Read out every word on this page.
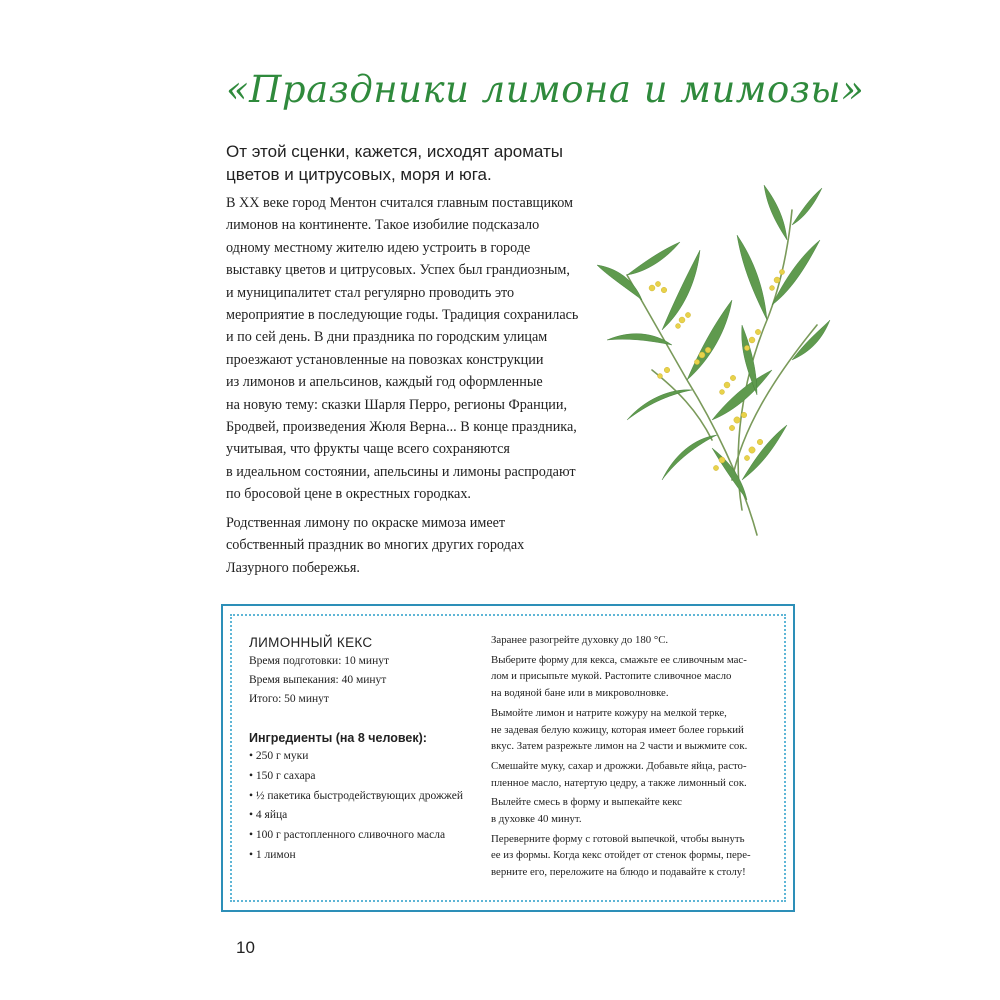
«Праздники лимона и мимозы»
От этой сценки, кажется, исходят ароматы
цветов и цитрусовых, моря и юга.
В XX веке город Ментон считался главным поставщиком
лимонов на континенте. Такое изобилие подсказало
одному местному жителю идею устроить в городе
выставку цветов и цитрусовых. Успех был грандиозным,
и муниципалитет стал регулярно проводить это
мероприятие в последующие годы. Традиция сохранилась
и по сей день. В дни праздника по городским улицам
проезжают установленные на повозках конструкции
из лимонов и апельсинов, каждый год оформленные
на новую тему: сказки Шарля Перро, регионы Франции,
Бродвей, произведения Жюля Верна... В конце праздника,
учитывая, что фрукты чаще всего сохраняются
в идеальном состоянии, апельсины и лимоны распродают
по бросовой цене в окрестных городках.
Родственная лимону по окраске мимоза имеет
собственный праздник во многих других городах
Лазурного побережья.
ЛИМОННЫЙ КЕКС
Время подготовки: 10 минут
Время выпекания: 40 минут
Итого: 50 минут
Ингредиенты (на 8 человек):
• 250 г муки
• 150 г сахара
• ½ пакетика быстродействующих дрожжей
• 4 яйца
• 100 г растопленного сливочного масла
• 1 лимон

Заранее разогрейте духовку до 180 °С.

Выберите форму для кекса, смажьте ее сливочным мас-
лом и присыпьте мукой. Растопите сливочное масло
на водяной бане или в микроволновке.

Вымойте лимон и натрите кожуру на мелкой терке,
не задевая белую кожицу, которая имеет более горький
вкус. Затем разрежьте лимон на 2 части и выжмите сок.

Смешайте муку, сахар и дрожжи. Добавьте яйца, расто-
пленное масло, натертую цедру, а также лимонный сок.

Вылейте смесь в форму и выпекайте кекс
в духовке 40 минут.

Переверните форму с готовой выпечкой, чтобы вынуть
ее из формы. Когда кекс отойдет от стенок формы, пере-
верните его, переложите на блюдо и подавайте к столу!

10
